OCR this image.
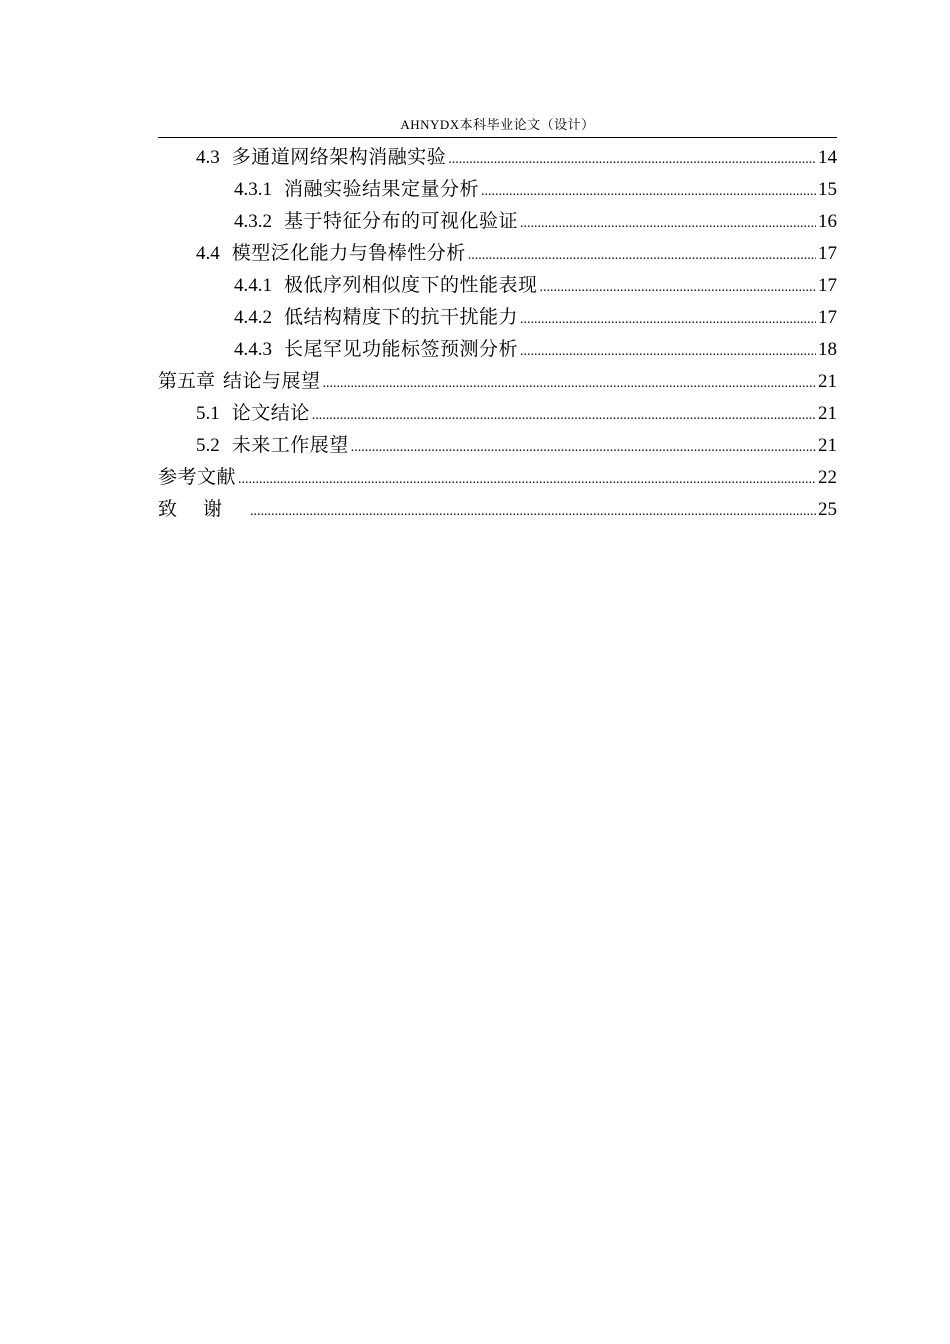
AHNYDX本科毕业论文（设计）
4.3 多通道网络架构消融实验 .....	14
4.3.1 消融实验结果定量分析 .....	15
4.3.2 基于特征分布的可视化验证 .....	16
4.4 模型泛化能力与鲁棒性分析 .....	17
4.4.1 极低序列相似度下的性能表现 .....	17
4.4.2 低结构精度下的抗干扰能力 .....	17
4.4.3 长尾罕见功能标签预测分析 .....	18
第五章 结论与展望 .....	21
5.1 论文结论 .....	21
5.2 未来工作展望 .....	21
参考文献 .....	22
致谢 .....	25
